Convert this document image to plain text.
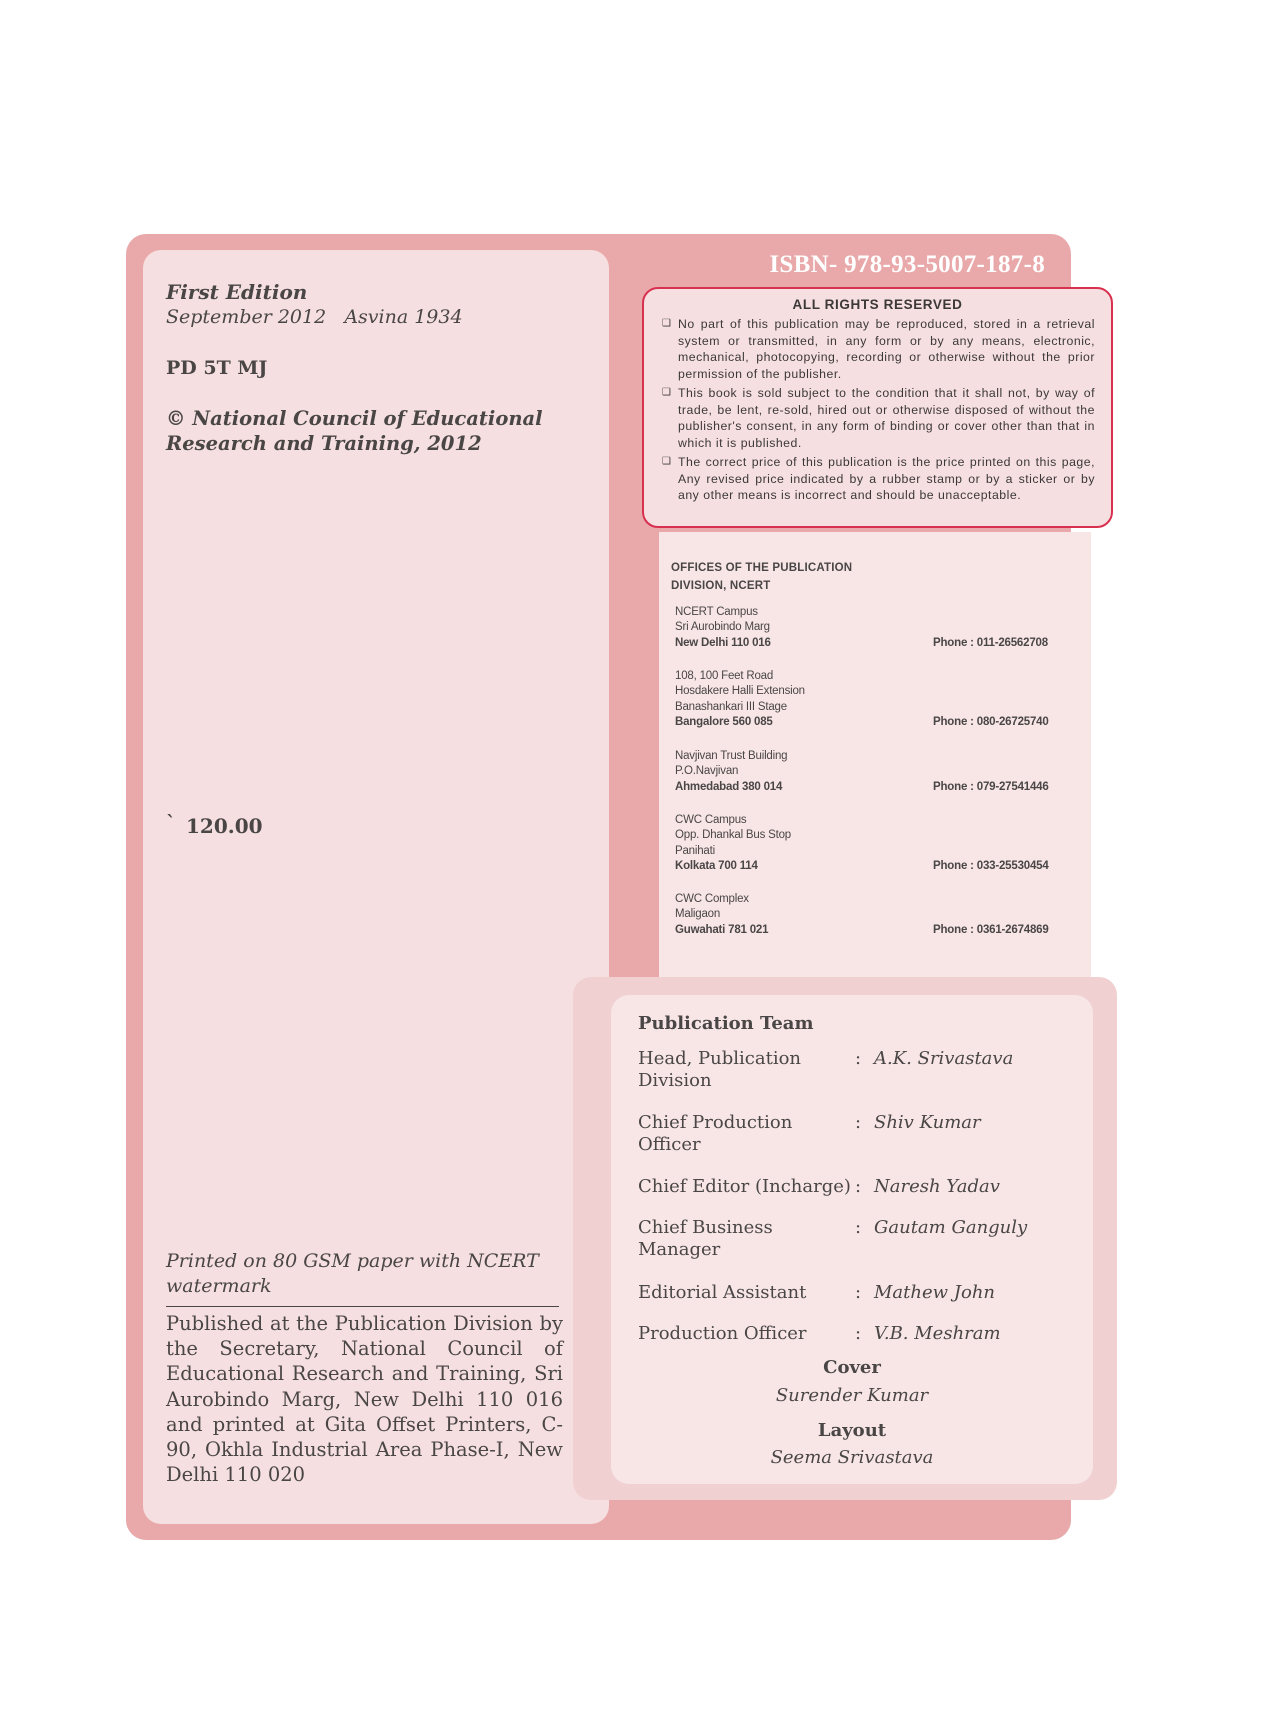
First Edition
September 2012   Asvina 1934
PD 5T MJ
© National Council of Educational
Research and Training, 2012
` 120.00
Printed on 80 GSM paper with NCERT watermark
Published at the Publication Division by the Secretary, National Council of Educational Research and Training, Sri Aurobindo Marg, New Delhi 110 016 and printed at Gita Offset Printers, C-90, Okhla Industrial Area Phase-I, New Delhi 110 020
ISBN- 978-93-5007-187-8
ALL RIGHTS RESERVED
❑ No part of this publication may be reproduced, stored in a retrieval system or transmitted, in any form or by any means, electronic, mechanical, photocopying, recording or otherwise without the prior permission of the publisher.
❑ This book is sold subject to the condition that it shall not, by way of trade, be lent, re-sold, hired out or otherwise disposed of without the publisher's consent, in any form of binding or cover other than that in which it is published.
❑ The correct price of this publication is the price printed on this page, Any revised price indicated by a rubber stamp or by a sticker or by any other means is incorrect and should be unacceptable.
OFFICES OF THE PUBLICATION
DIVISION, NCERT
NCERT Campus
Sri Aurobindo Marg
New Delhi 110 016	Phone : 011-26562708
108, 100 Feet Road
Hosdakere Halli Extension
Banashankari III Stage
Bangalore 560 085	Phone : 080-26725740
Navjivan Trust Building
P.O.Navjivan
Ahmedabad 380 014	Phone : 079-27541446
CWC Campus
Opp. Dhankal Bus Stop
Panihati
Kolkata 700 114	Phone : 033-25530454
CWC Complex
Maligaon
Guwahati 781 021	Phone : 0361-2674869
Publication Team
Head, Publication Division
: A.K. Srivastava
Chief Production Officer
: Shiv Kumar
Chief Editor (Incharge) : Naresh Yadav
Chief Business Manager
: Gautam Ganguly
Editorial Assistant	: Mathew John
Production Officer	: V.B. Meshram
Cover
Surender Kumar
Layout
Seema Srivastava
